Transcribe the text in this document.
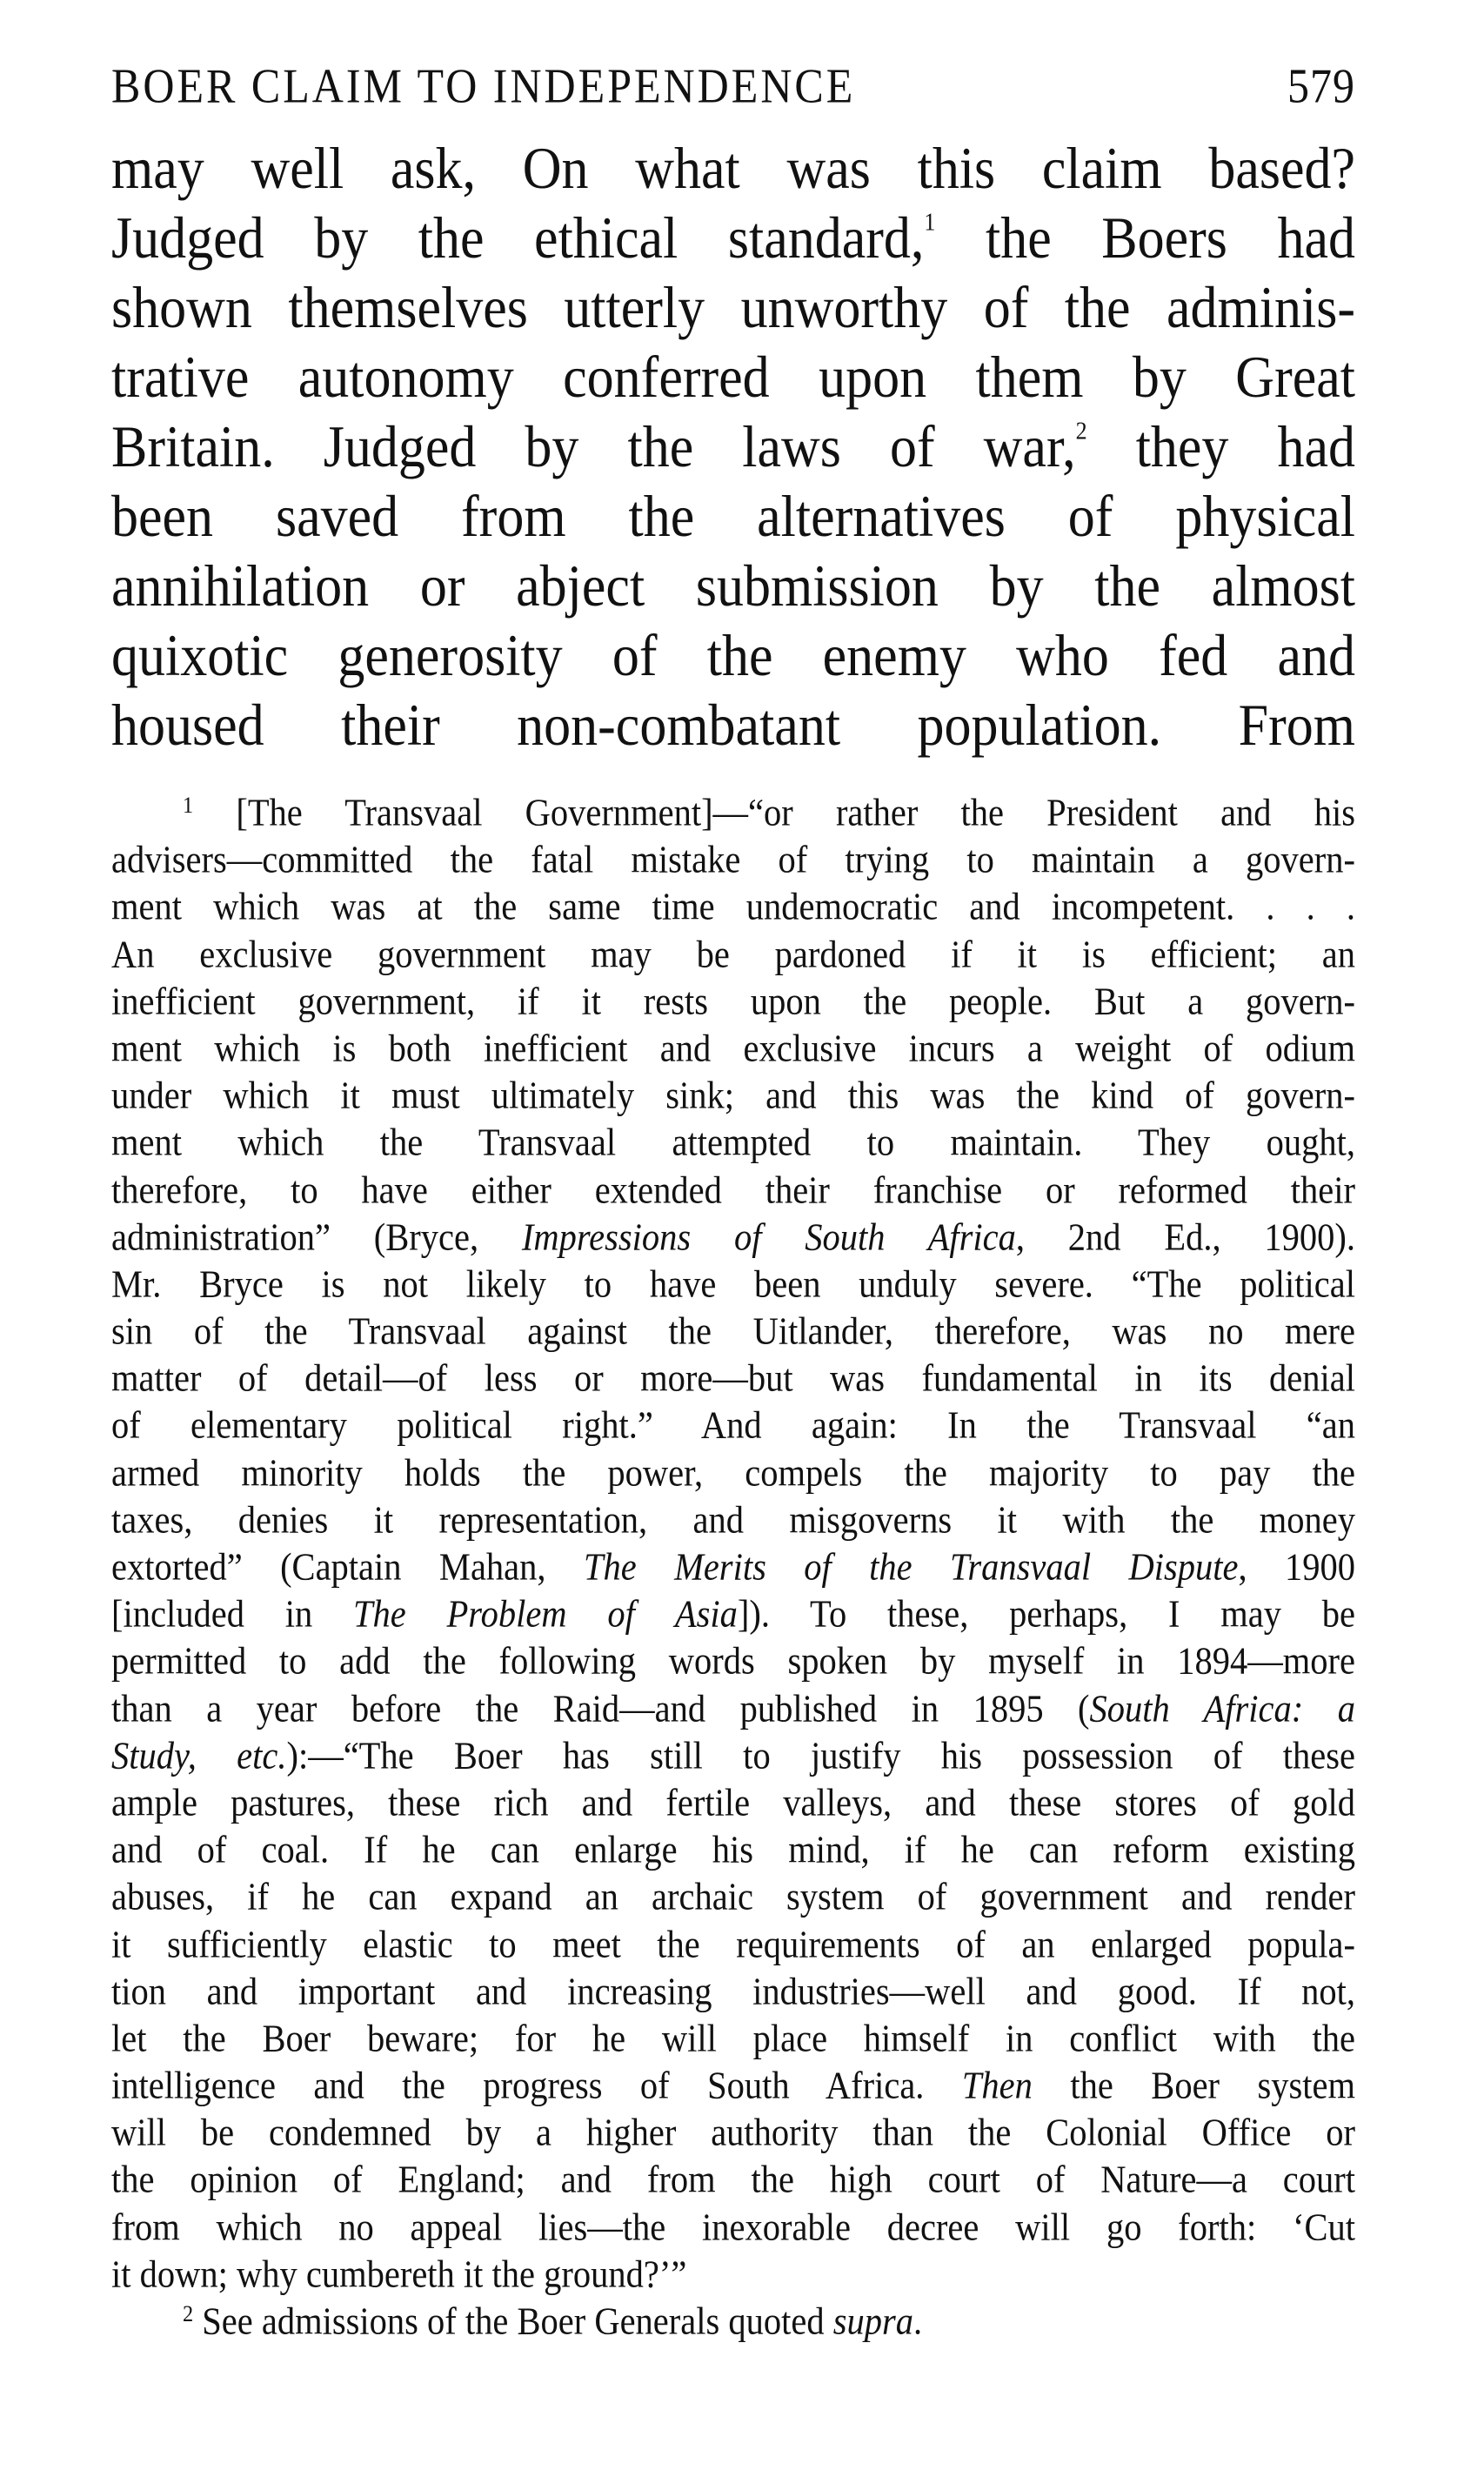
BOER CLAIM TO INDEPENDENCE	579
may well ask, On what was this claim based?
Judged by the ethical standard,$^1$ the Boers had
shown themselves utterly unworthy of the adminis-
trative autonomy conferred upon them by Great
Britain. Judged by the laws of war,$^2$ they had
been saved from the alternatives of physical
annihilation or abject submission by the almost
quixotic generosity of the enemy who fed and
housed their non-combatant population. From
$^1$ [The Transvaal Government]—“or rather the President and his
advisers—committed the fatal mistake of trying to maintain a govern-
ment which was at the same time undemocratic and incompetent. . . .
An exclusive government may be pardoned if it is efficient; an
inefficient government, if it rests upon the people. But a govern-
ment which is both inefficient and exclusive incurs a weight of odium
under which it must ultimately sink; and this was the kind of govern-
ment which the Transvaal attempted to maintain. They ought,
therefore, to have either extended their franchise or reformed their
administration” (Bryce, Impressions of South Africa, 2nd Ed., 1900).
Mr. Bryce is not likely to have been unduly severe. “The political
sin of the Transvaal against the Uitlander, therefore, was no mere
matter of detail—of less or more—but was fundamental in its denial
of elementary political right.” And again: In the Transvaal “an
armed minority holds the power, compels the majority to pay the
taxes, denies it representation, and misgoverns it with the money
extorted” (Captain Mahan, The Merits of the Transvaal Dispute, 1900
[included in The Problem of Asia]). To these, perhaps, I may be
permitted to add the following words spoken by myself in 1894—more
than a year before the Raid—and published in 1895 (South Africa: a
Study, etc.):—“The Boer has still to justify his possession of these
ample pastures, these rich and fertile valleys, and these stores of gold
and of coal. If he can enlarge his mind, if he can reform existing
abuses, if he can expand an archaic system of government and render
it sufficiently elastic to meet the requirements of an enlarged popula-
tion and important and increasing industries—well and good. If not,
let the Boer beware; for he will place himself in conflict with the
intelligence and the progress of South Africa. Then the Boer system
will be condemned by a higher authority than the Colonial Office or
the opinion of England; and from the high court of Nature—a court
from which no appeal lies—the inexorable decree will go forth: ‘Cut
it down; why cumbereth it the ground?’”
$^2$ See admissions of the Boer Generals quoted supra.
